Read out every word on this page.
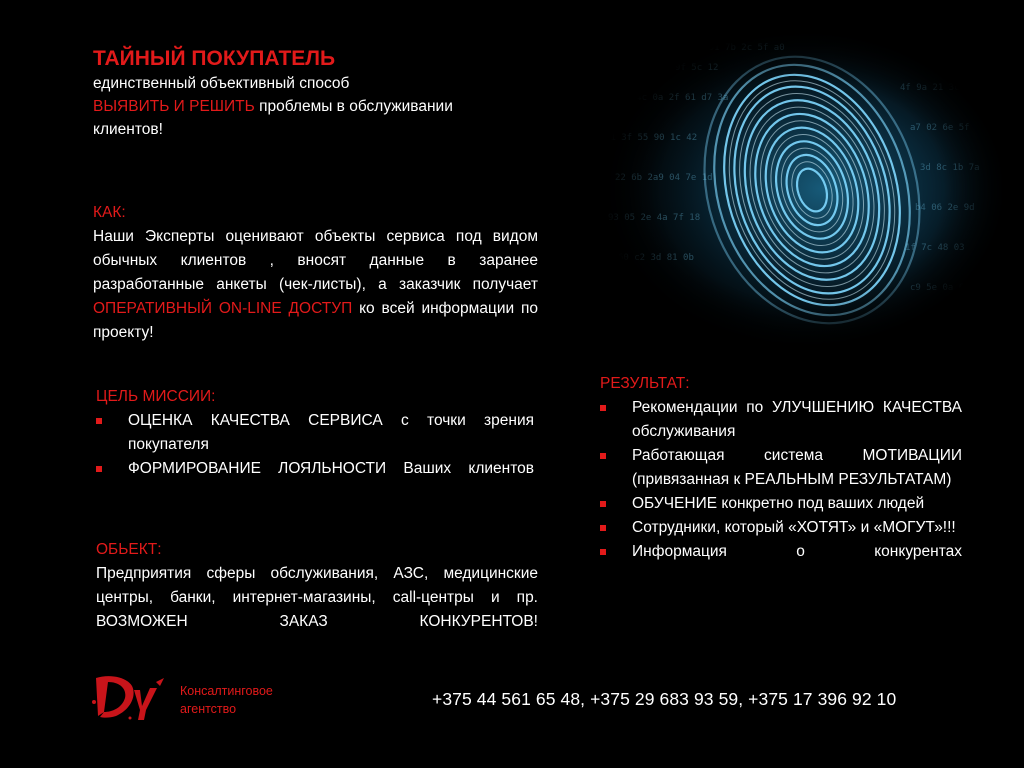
ТАЙНЫЙ ПОКУПАТЕЛЬ
единственный объективный способ
ВЫЯВИТЬ И РЕШИТЬ проблемы в обслуживании
клиентов!
КАК:
Наши Эксперты оценивают объекты сервиса под видом обычных клиентов , вносят данные в заранее разработанные анкеты (чек-листы), а заказчик получает ОПЕРАТИВНЫЙ ON-LINE ДОСТУП ко всей информации по проекту!
ЦЕЛЬ МИССИИ:
ОЦЕНКА КАЧЕСТВА СЕРВИСА с точки зрения покупателя
ФОРМИРОВАНИЕ ЛОЯЛЬНОСТИ Ваших клиентов
ОБЬЕКТ:
Предприятия сферы обслуживания, АЗС, медицинские центры, банки, интернет-магазины, call-центры и пр. ВОЗМОЖЕН ЗАКАЗ КОНКУРЕНТОВ!
РЕЗУЛЬТАТ:
Рекомендации по УЛУЧШЕНИЮ КАЧЕСТВА обслуживания
Работающая система МОТИВАЦИИ (привязанная к РЕАЛЬНЫМ РЕЗУЛЬТАТАМ)
ОБУЧЕНИЕ конкретно под ваших людей
Сотрудники, который «ХОТЯТ» и «МОГУТ»!!!
Информация о конкурентах
Консалтинговое
агентство	+375 44 561 65 48, +375 29 683 93 59, +375 17 396 92 10
